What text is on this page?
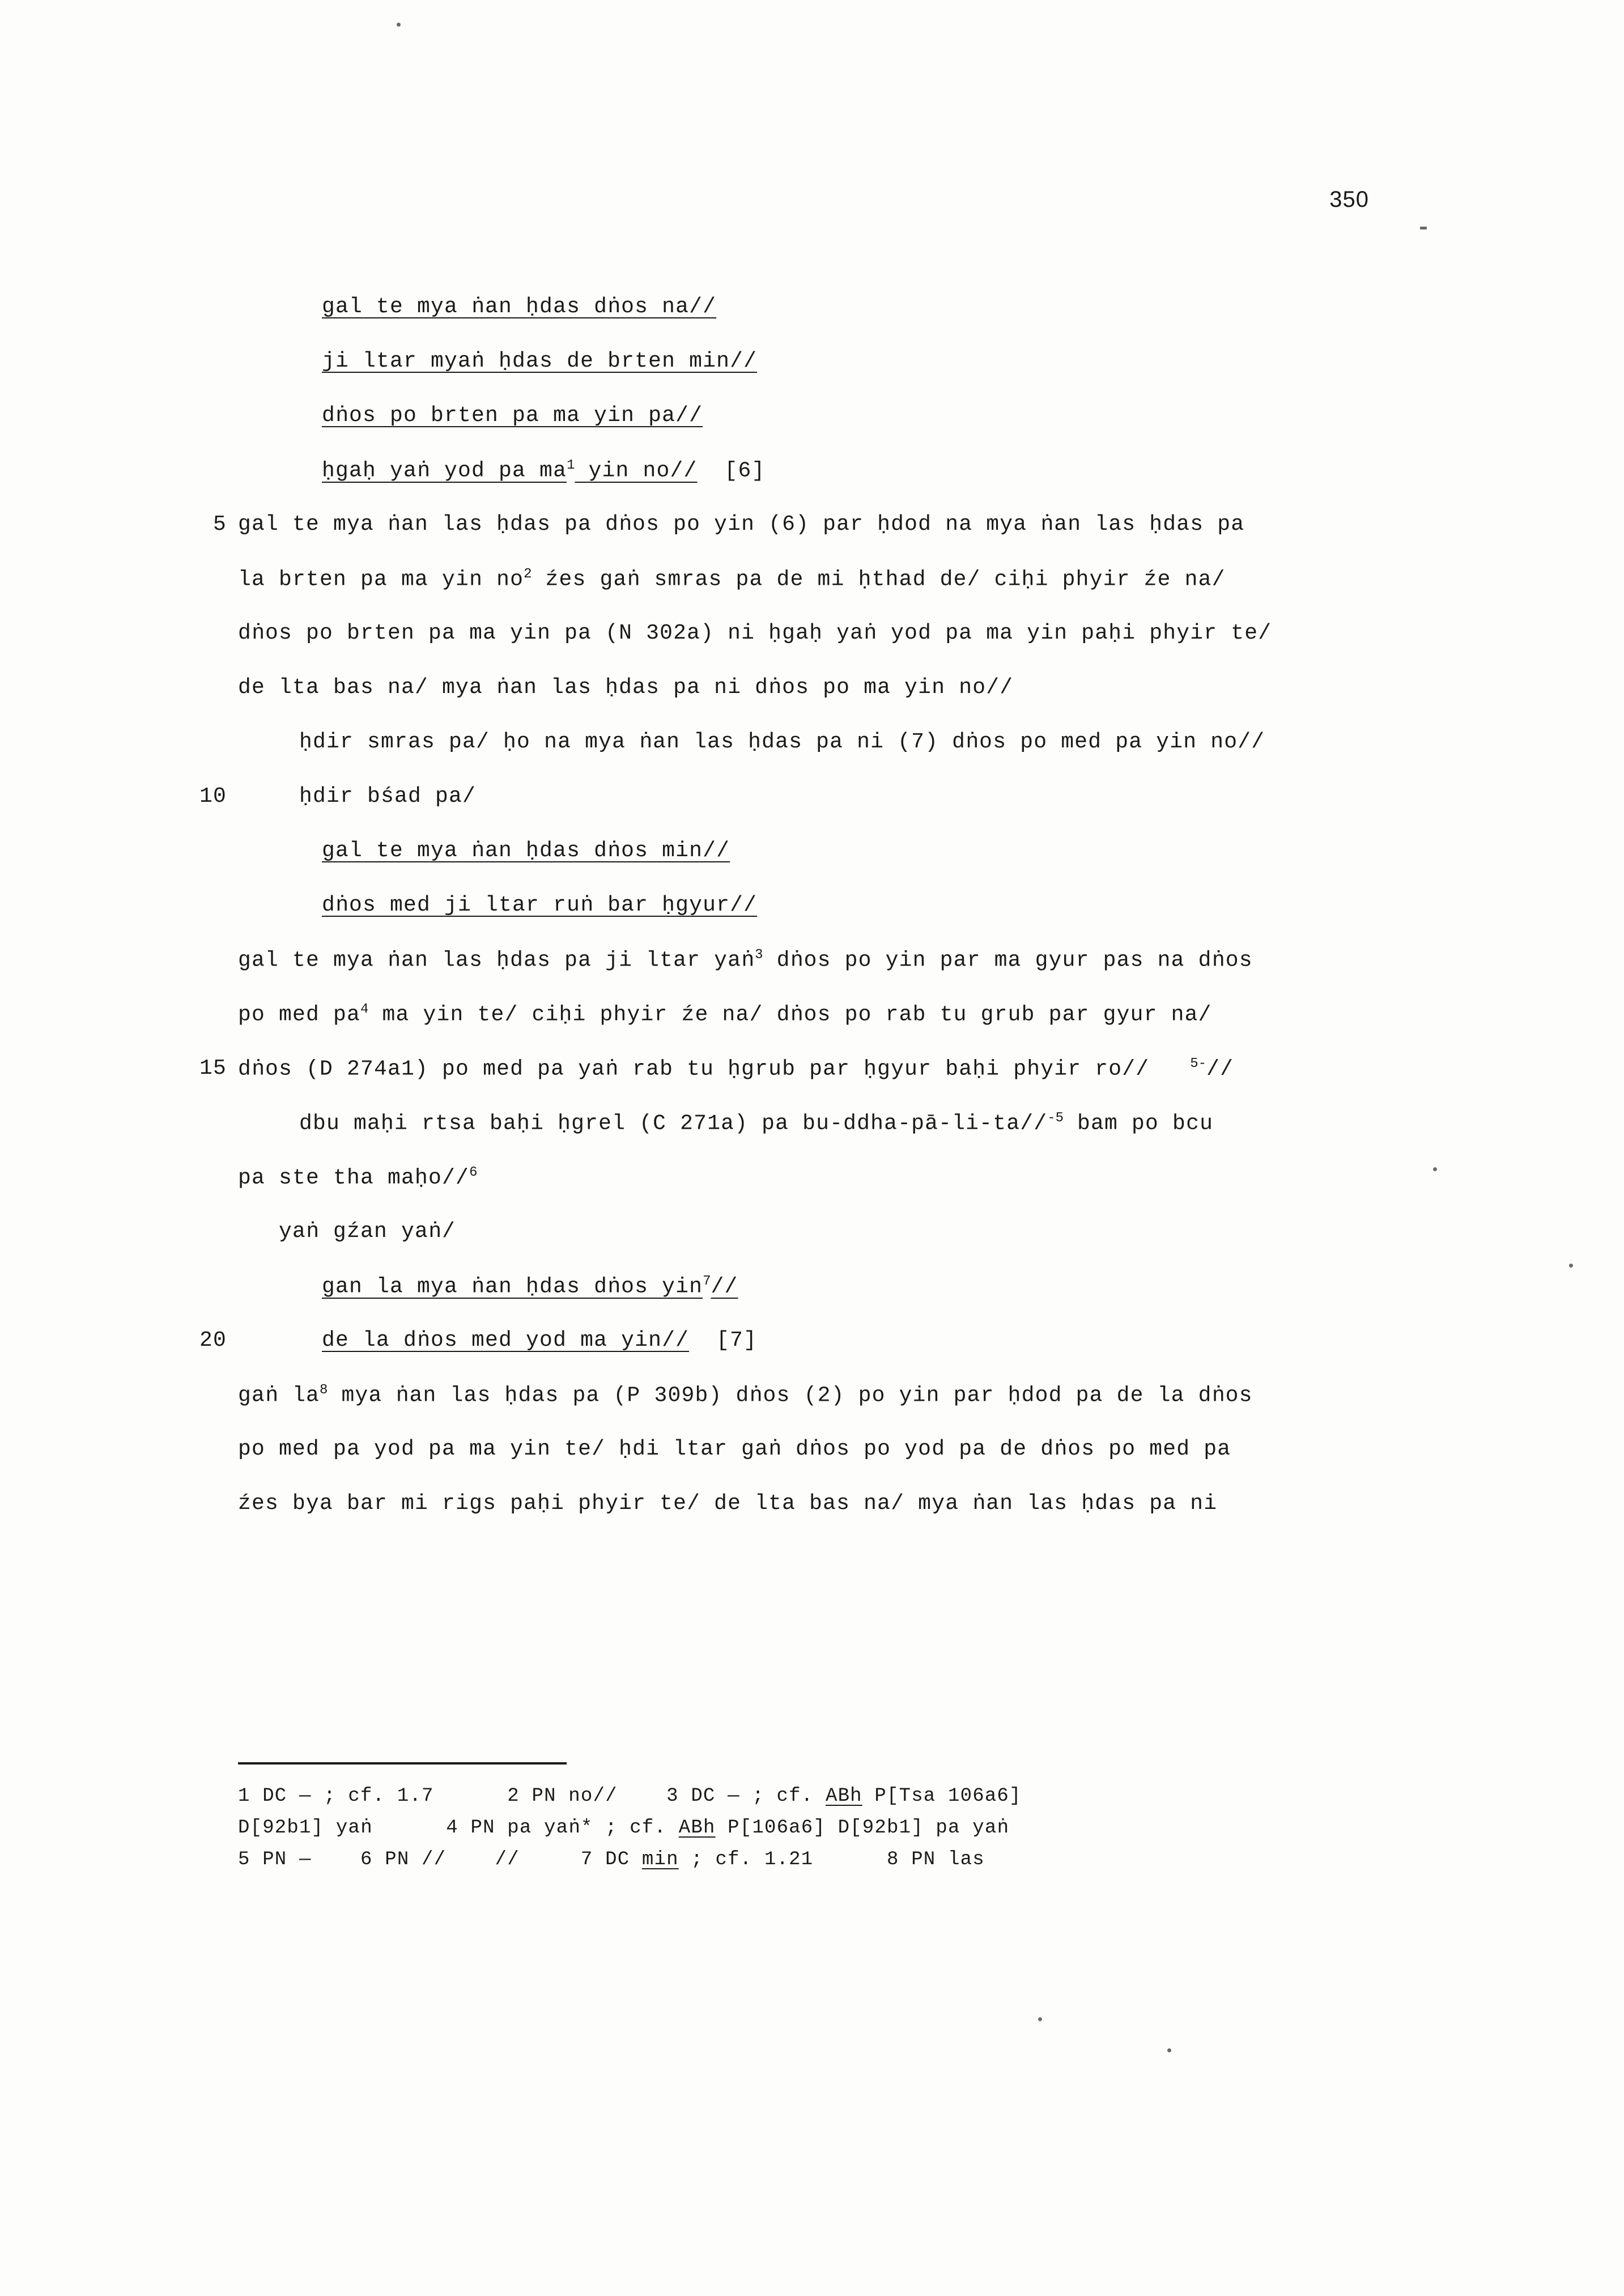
350
gal te mya ṅan ḥdas dṅos na//
ji ltar myaṅ ḥdas de brten min//
dṅos po brten pa ma yin pa//
ḥgaḥ yaṅ yod pa $ma^1$ yin no//  [6]
5 gal te mya ṅan las ḥdas pa dṅos po yin (6) par ḥdod na mya ṅan las ḥdas pa
la brten pa ma yin $no^2$ źes gaṅ smras pa de mi ḥthad de/ ciḥi phyir źe na/
dṅos po brten pa ma yin pa (N 302a) ni ḥgaḥ yaṅ yod pa ma yin paḥi phyir te/
de lta bas na/ mya ṅan las ḥdas pa ni dṅos po ma yin no//
ḥdir smras pa/ ḥo na mya ṅan las ḥdas pa ni (7) dṅos po med pa yin no//
10	ḥdir bśad pa/
gal te mya ṅan ḥdas dṅos min//
dṅos med ji ltar ruṅ bar ḥgyur//
gal te mya ṅan las ḥdas pa ji ltar yaṅ$^3$ dṅos po yin par ma gyur pas na dṅos
po med $pa^4$ ma yin te/ ciḥi phyir źe na/ dṅos po rab tu grub par gyur na/
15 dṅos (D 274a1) po med pa yaṅ rab tu ḥgrub par ḥgyur baḥi phyir ro//   $^{5-}$//
dbu maḥi rtsa baḥi ḥgrel (C 271a) pa bu-ddha-pā-li-ta//$^{-5}$ bam po bcu
pa ste tha maḥo//$^6$
yaṅ gźan yaṅ/
gan la mya ṅan ḥdas dṅos yin$^7$//
20	de la dṅos med yod ma yin//  [7]
gaṅ $la^8$ mya ṅan las ḥdas pa (P 309b) dṅos (2) po yin par ḥdod pa de la dṅos
po med pa yod pa ma yin te/ ḥdi ltar gaṅ dṅos po yod pa de dṅos po med pa
źes bya bar mi rigs paḥi phyir te/ de lta bas na/ mya ṅan las ḥdas pa ni
1 DC — ; cf. 1.7      2 PN no//    3 DC — ; cf. ABh P[Tsa 106a6]
D[92b1] yaṅ      4 PN pa yaṅ* ; cf. ABh P[106a6] D[92b1] pa yaṅ
5 PN —    6 PN //    //     7 DC min ; cf. 1.21      8 PN las
